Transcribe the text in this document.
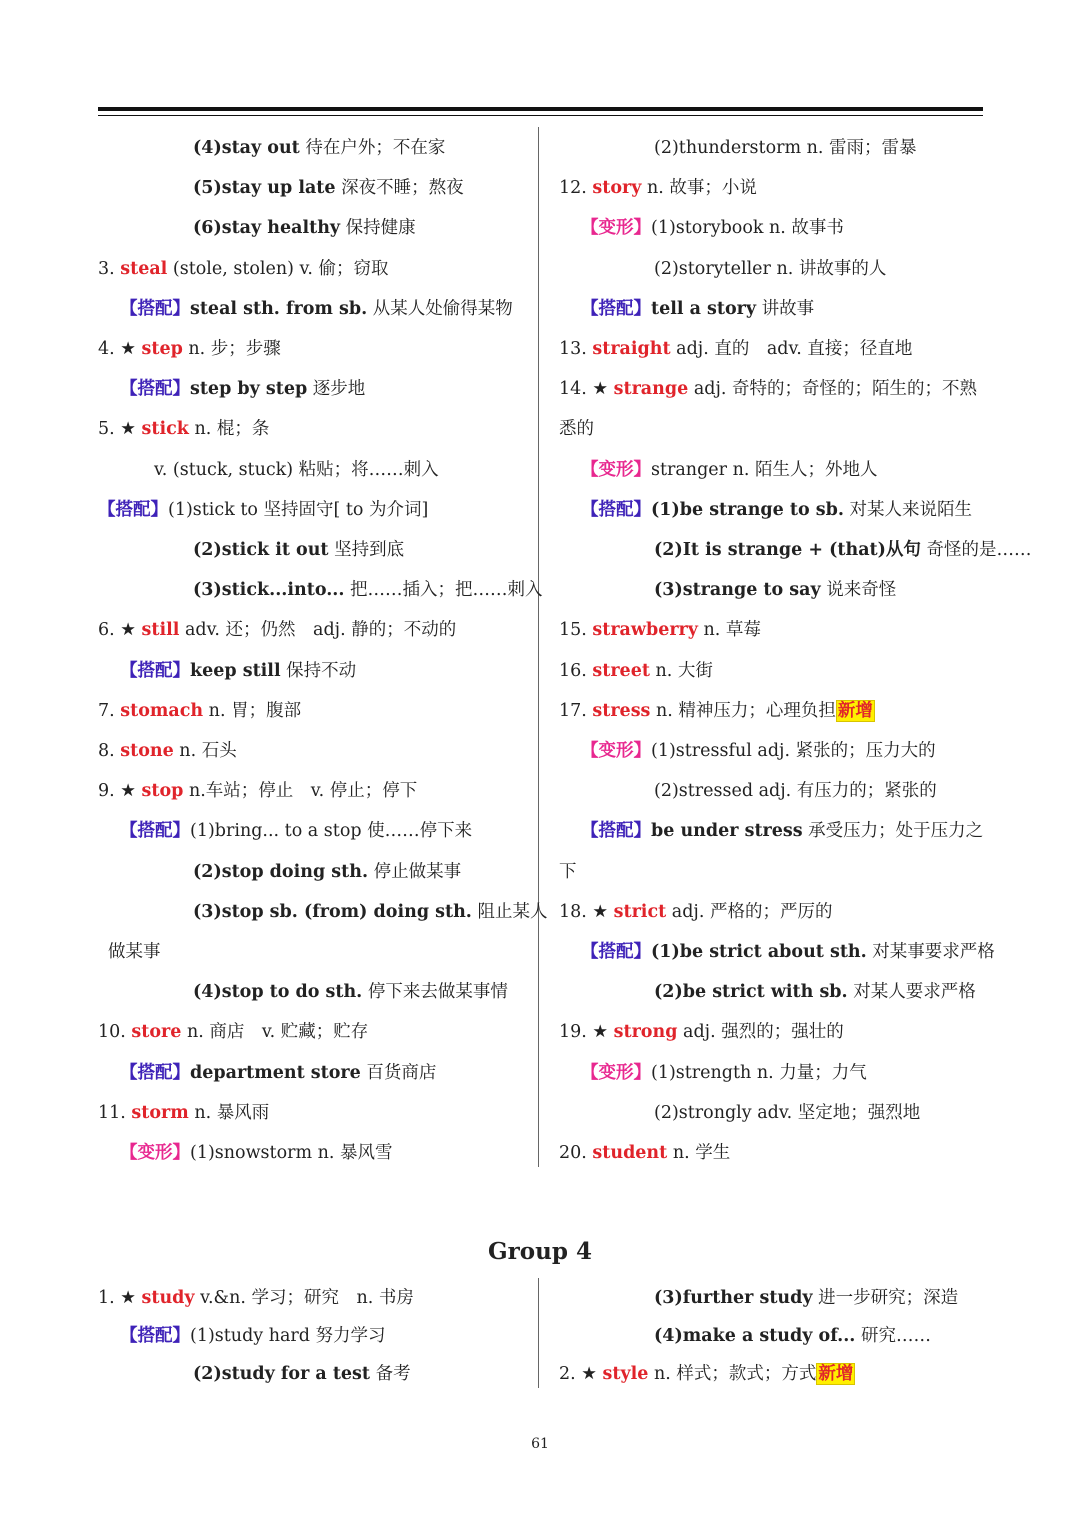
(4)stay out 待在户外；不在家
(5)stay up late 深夜不睡；熬夜
(6)stay healthy 保持健康
3. steal (stole, stolen) v. 偷；窃取
【搭配】steal sth. from sb. 从某人处偷得某物
4. ★ step n. 步；步骤
【搭配】step by step 逐步地
5. ★ stick n. 棍；条
v. (stuck, stuck) 粘贴；将……刺入
【搭配】(1)stick to 坚持固守[ to 为介词]
(2)stick it out 坚持到底
(3)stick...into... 把……插入；把……刺入
6. ★ still adv. 还；仍然　adj. 静的；不动的
【搭配】keep still 保持不动
7. stomach n. 胃；腹部
8. stone n. 石头
9. ★ stop n.车站；停止　v. 停止；停下
【搭配】(1)bring... to a stop 使……停下来
(2)stop doing sth. 停止做某事
(3)stop sb. (from) doing sth. 阻止某人
做某事
(4)stop to do sth. 停下来去做某事情
10. store n. 商店　v. 贮藏；贮存
【搭配】department store 百货商店
11. storm n. 暴风雨
【变形】(1)snowstorm n. 暴风雪
(2)thunderstorm n. 雷雨；雷暴
12. story n. 故事；小说
【变形】(1)storybook n. 故事书
(2)storyteller n. 讲故事的人
【搭配】tell a story 讲故事
13. straight adj. 直的　adv. 直接；径直地
14. ★ strange adj. 奇特的；奇怪的；陌生的；不熟
悉的
【变形】stranger n. 陌生人；外地人
【搭配】(1)be strange to sb. 对某人来说陌生
(2)It is strange + (that)从句 奇怪的是……
(3)strange to say 说来奇怪
15. strawberry n. 草莓
16. street n. 大街
17. stress n. 精神压力；心理负担 新增
【变形】(1)stressful adj. 紧张的；压力大的
(2)stressed adj. 有压力的；紧张的
【搭配】be under stress 承受压力；处于压力之
下
18. ★ strict adj. 严格的；严厉的
【搭配】(1)be strict about sth. 对某事要求严格
(2)be strict with sb. 对某人要求严格
19. ★ strong adj. 强烈的；强壮的
【变形】(1)strength n. 力量；力气
(2)strongly adv. 坚定地；强烈地
20. student n. 学生
Group 4
1. ★ study v.&n. 学习；研究　n. 书房
【搭配】(1)study hard 努力学习
(2)study for a test 备考
(3)further study 进一步研究；深造
(4)make a study of... 研究……
2. ★ style n. 样式；款式；方式 新增
61
